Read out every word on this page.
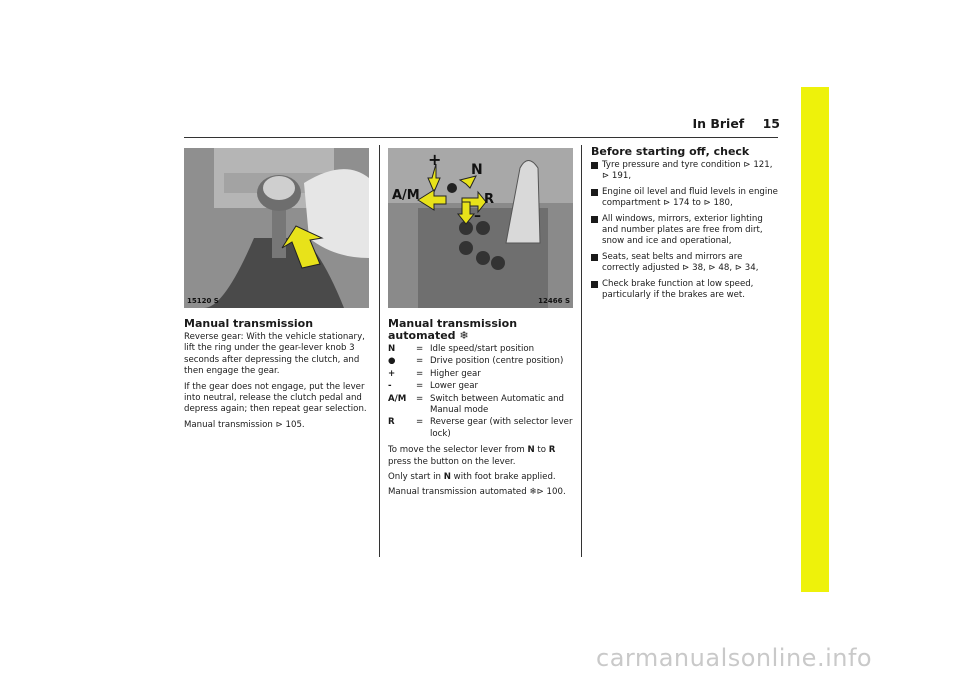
In Brief 15
15120 S
Manual transmission

Reverse gear: With the vehicle stationary, lift the ring under the gear-lever knob 3 seconds after depressing the clutch, and then engage the gear.

If the gear does not engage, put the lever into neutral, release the clutch pedal and depress again; then repeat gear selection.

Manual transmission ⊳ 105.

+
N
A/M	R
–
12466 S
Manual transmission automated ❄
N	= Idle speed/start position
●	= Drive position (centre position)
+	= Higher gear
-	= Lower gear
A/M	= Switch between Automatic and Manual mode
R	= Reverse gear (with selector lever lock)

To move the selector lever from N to R press the button on the lever.

Only start in N with foot brake applied.

Manual transmission automated ❄⊳ 100.

Before starting off, check
Tyre pressure and tyre condition ⊳ 121, ⊳ 191,
Engine oil level and fluid levels in engine compartment ⊳ 174 to ⊳ 180,
All windows, mirrors, exterior lighting and number plates are free from dirt, snow and ice and operational,
Seats, seat belts and mirrors are correctly adjusted ⊳ 38, ⊳ 48, ⊳ 34,
Check brake function at low speed, particularly if the brakes are wet.
carmanualsonline.info
